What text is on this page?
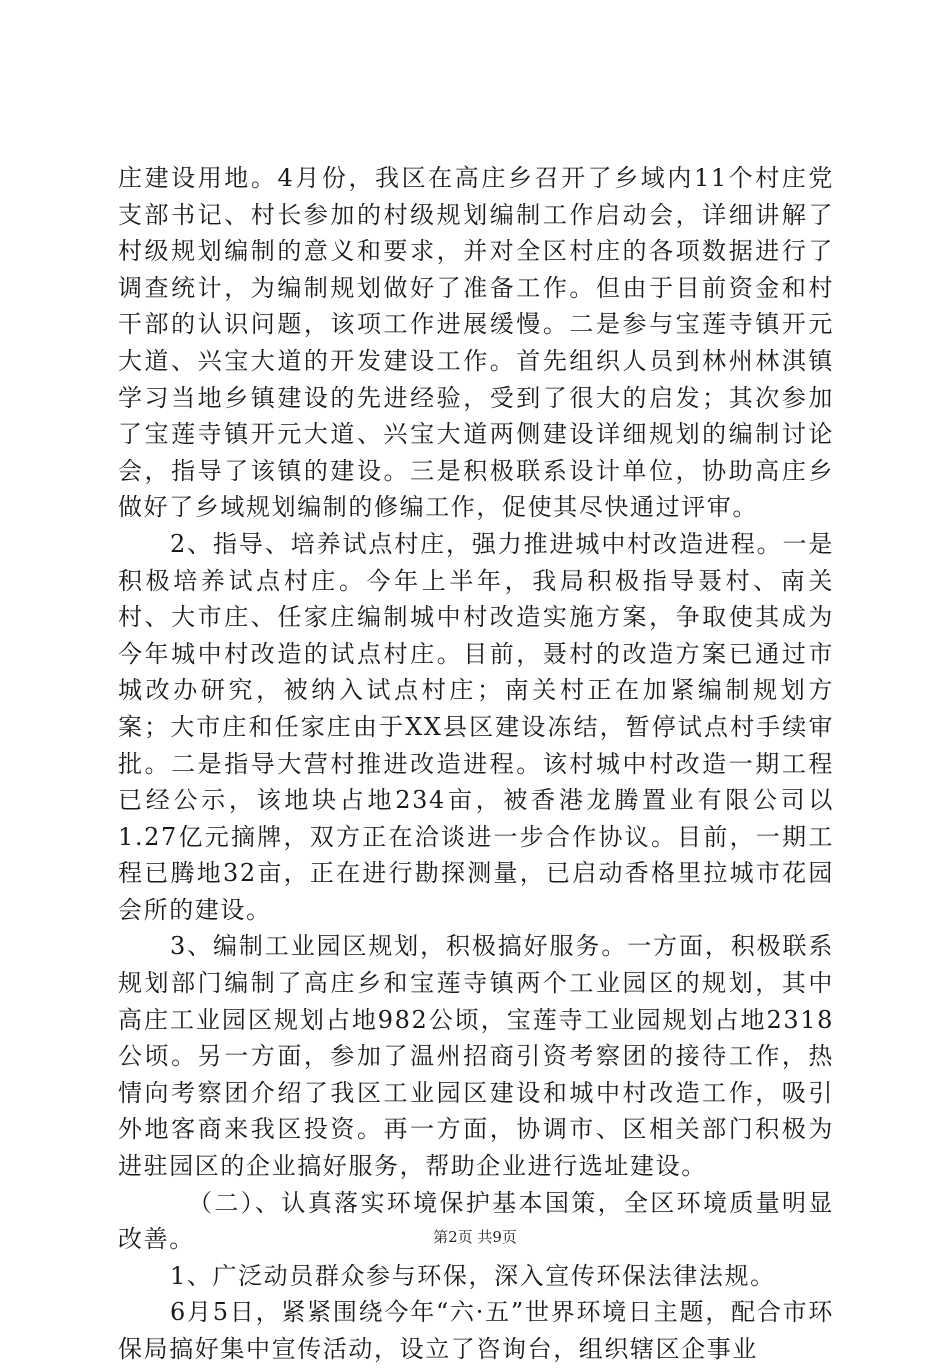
庄建设用地。4月份，我区在高庄乡召开了乡域内11个村庄党支部书记、村长参加的村级规划编制工作启动会，详细讲解了村级规划编制的意义和要求，并对全区村庄的各项数据进行了调查统计，为编制规划做好了准备工作。但由于目前资金和村干部的认识问题，该项工作进展缓慢。二是参与宝莲寺镇开元大道、兴宝大道的开发建设工作。首先组织人员到林州林淇镇学习当地乡镇建设的先进经验，受到了很大的启发；其次参加了宝莲寺镇开元大道、兴宝大道两侧建设详细规划的编制讨论会，指导了该镇的建设。三是积极联系设计单位，协助高庄乡做好了乡域规划编制的修编工作，促使其尽快通过评审。

2、指导、培养试点村庄，强力推进城中村改造进程。一是积极培养试点村庄。今年上半年，我局积极指导聂村、南关村、大市庄、任家庄编制城中村改造实施方案，争取使其成为今年城中村改造的试点村庄。目前，聂村的改造方案已通过市城改办研究，被纳入试点村庄；南关村正在加紧编制规划方案；大市庄和任家庄由于XX县区建设冻结，暂停试点村手续审批。二是指导大营村推进改造进程。该村城中村改造一期工程已经公示，该地块占地234亩，被香港龙腾置业有限公司以1.27亿元摘牌，双方正在洽谈进一步合作协议。目前，一期工程已腾地32亩，正在进行勘探测量，已启动香格里拉城市花园会所的建设。

3、编制工业园区规划，积极搞好服务。一方面，积极联系规划部门编制了高庄乡和宝莲寺镇两个工业园区的规划，其中高庄工业园区规划占地982公顷，宝莲寺工业园规划占地2318公顷。另一方面，参加了温州招商引资考察团的接待工作，热情向考察团介绍了我区工业园区建设和城中村改造工作，吸引外地客商来我区投资。再一方面，协调市、区相关部门积极为进驻园区的企业搞好服务，帮助企业进行选址建设。

（二）、认真落实环境保护基本国策，全区环境质量明显改善。

1、广泛动员群众参与环保，深入宣传环保法律法规。

6月5日，紧紧围绕今年“六·五”世界环境日主题，配合市环保局搞好集中宣传活动，设立了咨询台，组织辖区企事业

第2页 共9页
